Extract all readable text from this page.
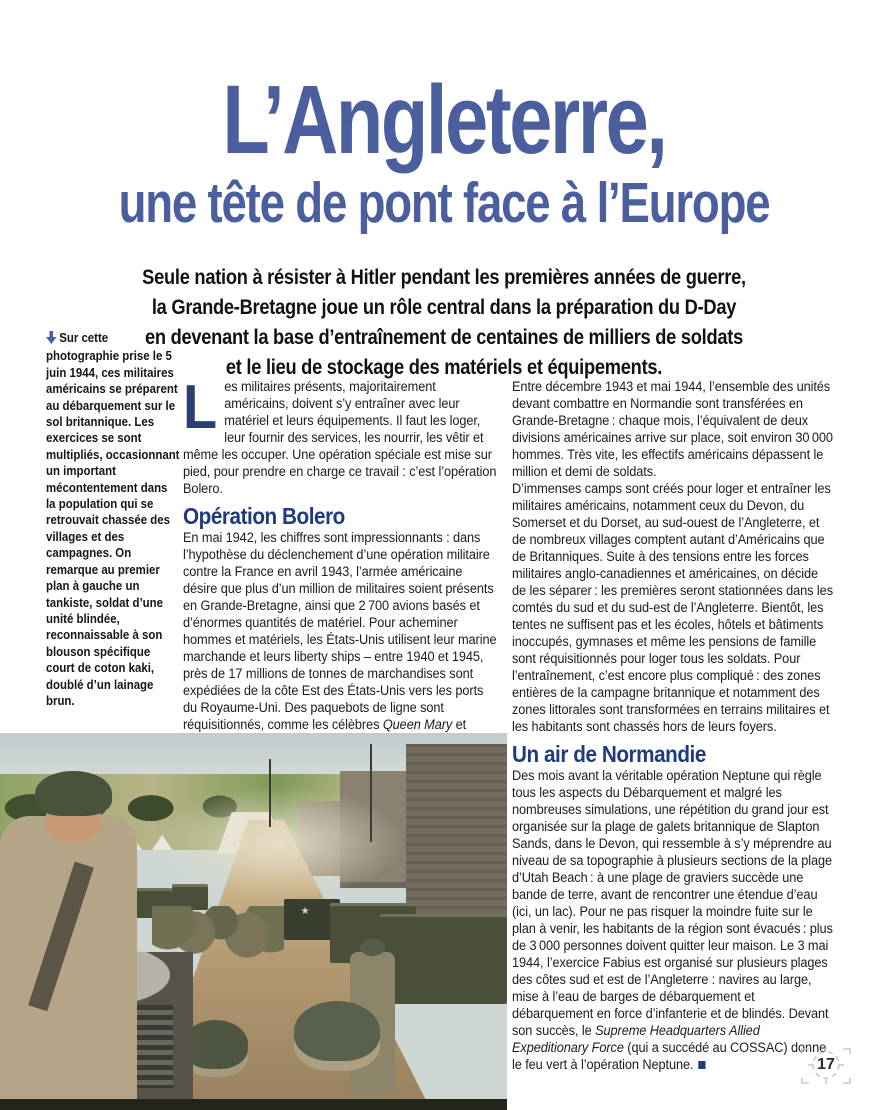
L’Angleterre,
une tête de pont face à l’Europe
Seule nation à résister à Hitler pendant les premières années de guerre,
la Grande-Bretagne joue un rôle central dans la préparation du D-Day
en devenant la base d’entraînement de centaines de milliers de soldats
et le lieu de stockage des matériels et équipements.
Sur cette photographie prise le 5 juin 1944, ces militaires américains se préparent au débarquement sur le sol britannique. Les exercices se sont multipliés, occasionnant un important mécontentement dans la population qui se retrouvait chassée des villages et des campagnes. On remarque au premier plan à gauche un tankiste, soldat d’une unité blindée, reconnaissable à son blouson spécifique court de coton kaki, doublé d’un lainage brun.

Les militaires présents, majoritairement américains, doivent s’y entraîner avec leur matériel et leurs équipements. Il faut les loger, leur fournir des services, les nourrir, les vêtir et même les occuper. Une opération spéciale est mise sur pied, pour prendre en charge ce travail : c’est l’opération Bolero.

Opération Bolero

En mai 1942, les chiffres sont impressionnants : dans l’hypothèse du déclenchement d’une opération militaire contre la France en avril 1943, l’armée américaine désire que plus d’un million de militaires soient présents en Grande-Bretagne, ainsi que 2 700 avions basés et d’énormes quantités de matériel. Pour acheminer hommes et matériels, les États-Unis utilisent leur marine marchande et leurs liberty ships – entre 1940 et 1945, près de 17 millions de tonnes de marchandises sont expédiées de la côte Est des États-Unis vers les ports du Royaume-Uni. Des paquebots de ligne sont réquisitionnés, comme les célèbres Queen Mary et

Entre décembre 1943 et mai 1944, l’ensemble des unités devant combattre en Normandie sont transférées en Grande-Bretagne : chaque mois, l’équivalent de deux divisions américaines arrive sur place, soit environ 30 000 hommes. Très vite, les effectifs américains dépassent le million et demi de soldats.

D’immenses camps sont créés pour loger et entraîner les militaires américains, notamment ceux du Devon, du Somerset et du Dorset, au sud-ouest de l’Angleterre, et de nombreux villages comptent autant d’Américains que de Britanniques. Suite à des tensions entre les forces militaires anglo-canadiennes et américaines, on décide de les séparer : les premières seront stationnées dans les comtés du sud et du sud-est de l’Angleterre. Bientôt, les tentes ne suffisent pas et les écoles, hôtels et bâtiments inoccupés, gymnases et même les pensions de famille sont réquisitionnés pour loger tous les soldats. Pour l’entraînement, c’est encore plus compliqué : des zones entières de la campagne britannique et notamment des zones littorales sont transformées en terrains militaires et les habitants sont chassés hors de leurs foyers.

Un air de Normandie

Des mois avant la véritable opération Neptune qui règle tous les aspects du Débarquement et malgré les nombreuses simulations, une répétition du grand jour est organisée sur la plage de galets britannique de Slapton Sands, dans le Devon, qui ressemble à s’y méprendre au niveau de sa topographie à plusieurs sections de la plage d’Utah Beach : à une plage de graviers succède une bande de terre, avant de rencontrer une étendue d’eau (ici, un lac). Pour ne pas risquer la moindre fuite sur le plan à venir, les habitants de la région sont évacués : plus de 3 000 personnes doivent quitter leur maison. Le 3 mai 1944, l’exercice Fabius est organisé sur plusieurs plages des côtes sud et est de l’Angleterre : navires au large, mise à l’eau de barges de débarquement et débarquement en force d’infanterie et de blindés. Devant son succès, le Supreme Headquarters Allied Expeditionary Force (qui a succédé au COSSAC) donne le feu vert à l’opération Neptune.

★	17
